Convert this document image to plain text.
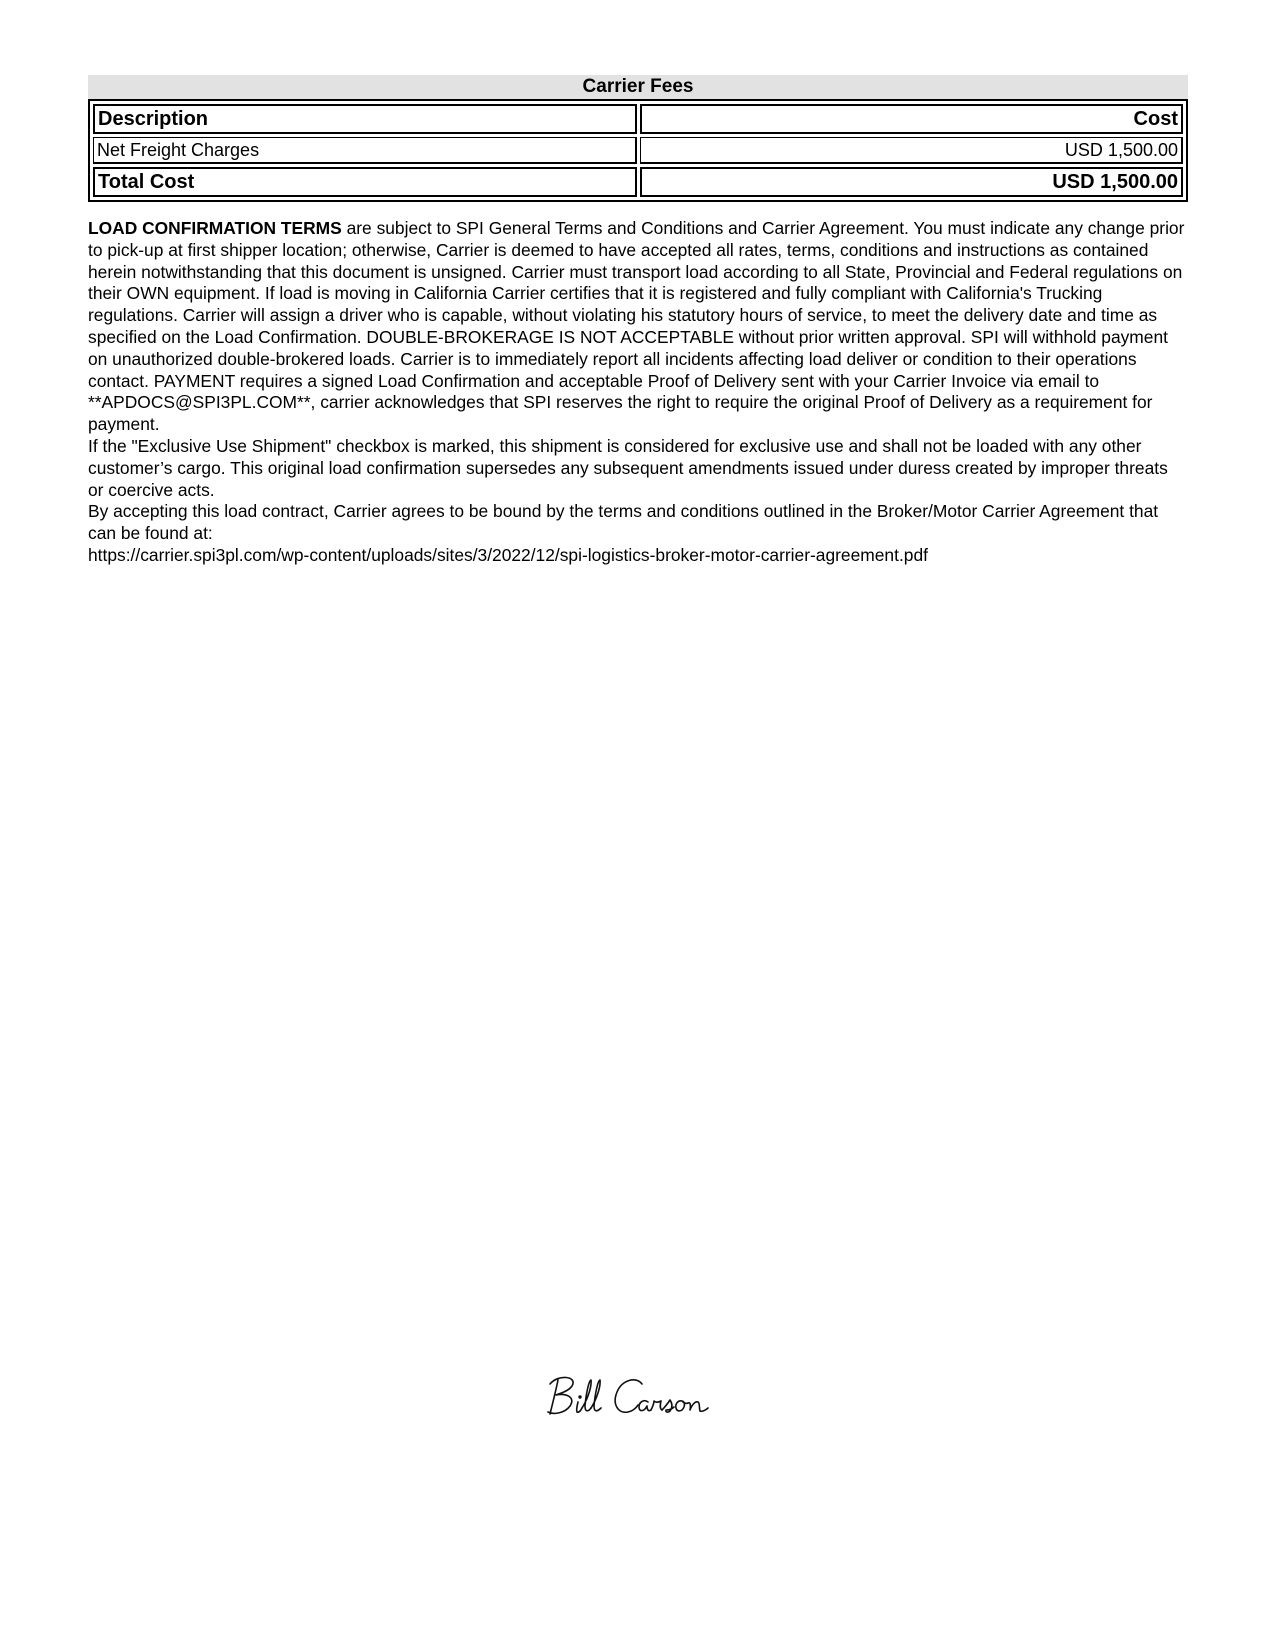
Carrier Fees
Description	Cost
Net Freight Charges	USD 1,500.00
Total Cost	USD 1,500.00

LOAD CONFIRMATION TERMS are subject to SPI General Terms and Conditions and Carrier Agreement. You must indicate any change prior to pick-up at first shipper location; otherwise, Carrier is deemed to have accepted all rates, terms, conditions and instructions as contained herein notwithstanding that this document is unsigned. Carrier must transport load according to all State, Provincial and Federal regulations on their OWN equipment. If load is moving in California Carrier certifies that it is registered and fully compliant with California's Trucking regulations. Carrier will assign a driver who is capable, without violating his statutory hours of service, to meet the delivery date and time as specified on the Load Confirmation. DOUBLE-BROKERAGE IS NOT ACCEPTABLE without prior written approval. SPI will withhold payment on unauthorized double-brokered loads. Carrier is to immediately report all incidents affecting load deliver or condition to their operations contact. PAYMENT requires a signed Load Confirmation and acceptable Proof of Delivery sent with your Carrier Invoice via email to **APDOCS@SPI3PL.COM**, carrier acknowledges that SPI reserves the right to require the original Proof of Delivery as a requirement for payment.

If the "Exclusive Use Shipment" checkbox is marked, this shipment is considered for exclusive use and shall not be loaded with any other customer’s cargo. This original load confirmation supersedes any subsequent amendments issued under duress created by improper threats or coercive acts.

By accepting this load contract, Carrier agrees to be bound by the terms and conditions outlined in the Broker/Motor Carrier Agreement that can be found at:

https://carrier.spi3pl.com/wp-content/uploads/sites/3/2022/12/spi-logistics-broker-motor-carrier-agreement.pdf
